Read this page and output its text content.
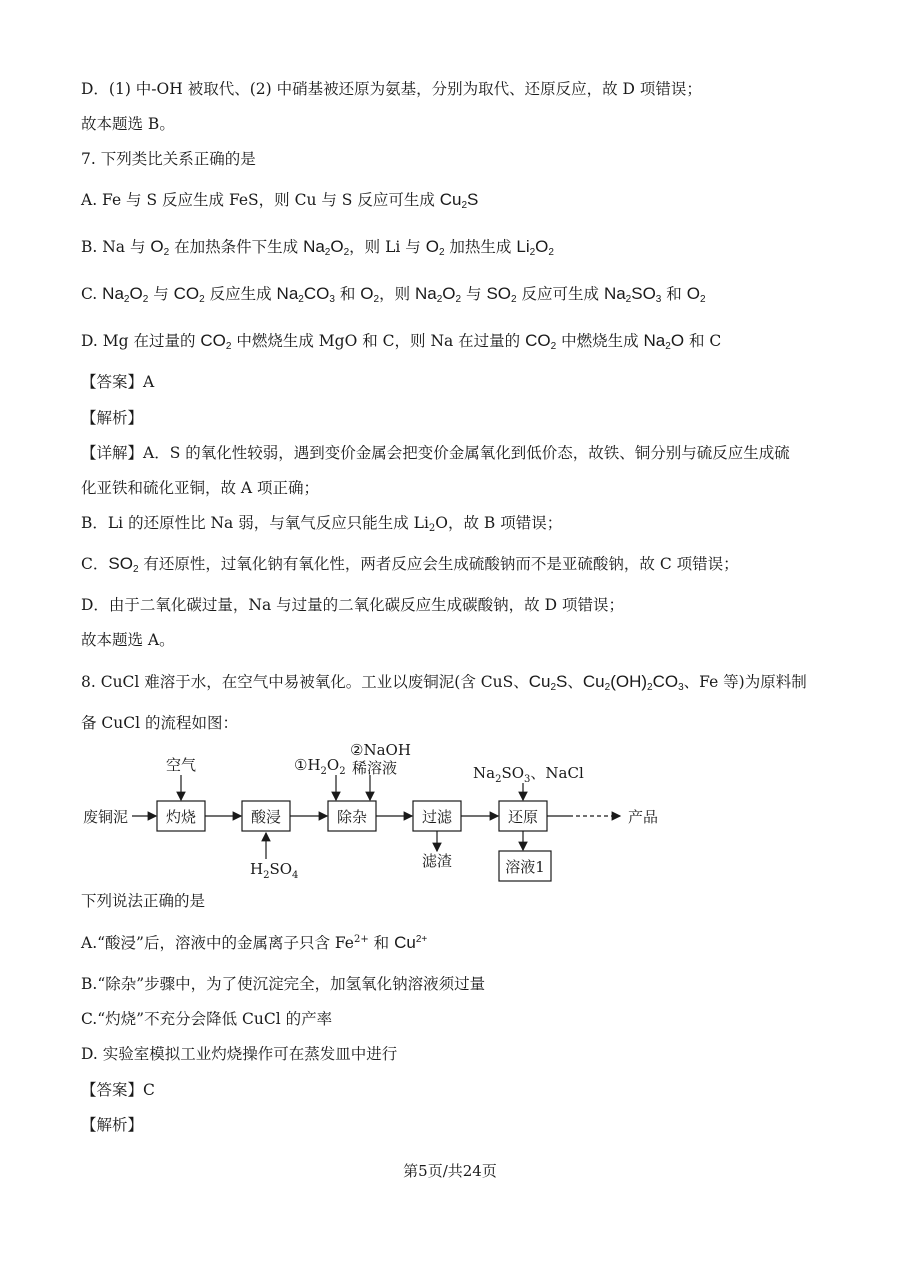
D．(1) 中-OH 被取代、(2) 中硝基被还原为氨基，分别为取代、还原反应，故 D 项错误；
故本题选 B。
7. 下列类比关系正确的是
A. Fe 与 S 反应生成 FeS，则 Cu 与 S 反应可生成 $Cu_2S$
B. Na 与 $O_2$ 在加热条件下生成 $Na_2O_2$，则 Li 与 $O_2$ 加热生成 $Li_2O_2$
C. $Na_2O_2$ 与 $CO_2$ 反应生成 $Na_2CO_3$ 和 $O_2$，则 $Na_2O_2$ 与 $SO_2$ 反应可生成 $Na_2SO_3$ 和 $O_2$
D. Mg 在过量的 $CO_2$ 中燃烧生成 MgO 和 C，则 Na 在过量的 $CO_2$ 中燃烧生成 $Na_2O$ 和 C
【答案】A
【解析】
【详解】A．S 的氧化性较弱，遇到变价金属会把变价金属氧化到低价态，故铁、铜分别与硫反应生成硫
化亚铁和硫化亚铜，故 A 项正确；
B．Li 的还原性比 Na 弱，与氧气反应只能生成 $Li_2O$，故 B 项错误；
C．$SO_2$ 有还原性，过氧化钠有氧化性，两者反应会生成硫酸钠而不是亚硫酸钠，故 C 项错误；
D．由于二氧化碳过量，Na 与过量的二氧化碳反应生成碳酸钠，故 D 项错误；
故本题选 A。
8. CuCl 难溶于水，在空气中易被氧化。工业以废铜泥(含 CuS、$Cu_2S$、$Cu_2(OH)_2CO_3$、Fe 等)为原料制
备 CuCl 的流程如图：
废铜泥	灼烧	酸浸	除杂	过滤	还原
空气
$H_2SO_4$
$①H_2O_2$
②NaOH
稀溶液	$Na_2SO_3$、NaCl
滤渣	溶液1
产品
下列说法正确的是
A.“酸浸”后，溶液中的金属离子只含 $Fe^{2+}$ 和 $Cu^{2+}$
B.“除杂”步骤中，为了使沉淀完全，加氢氧化钠溶液须过量
C.“灼烧”不充分会降低 CuCl 的产率
D. 实验室模拟工业灼烧操作可在蒸发皿中进行
【答案】C
【解析】
第5页/共24页
